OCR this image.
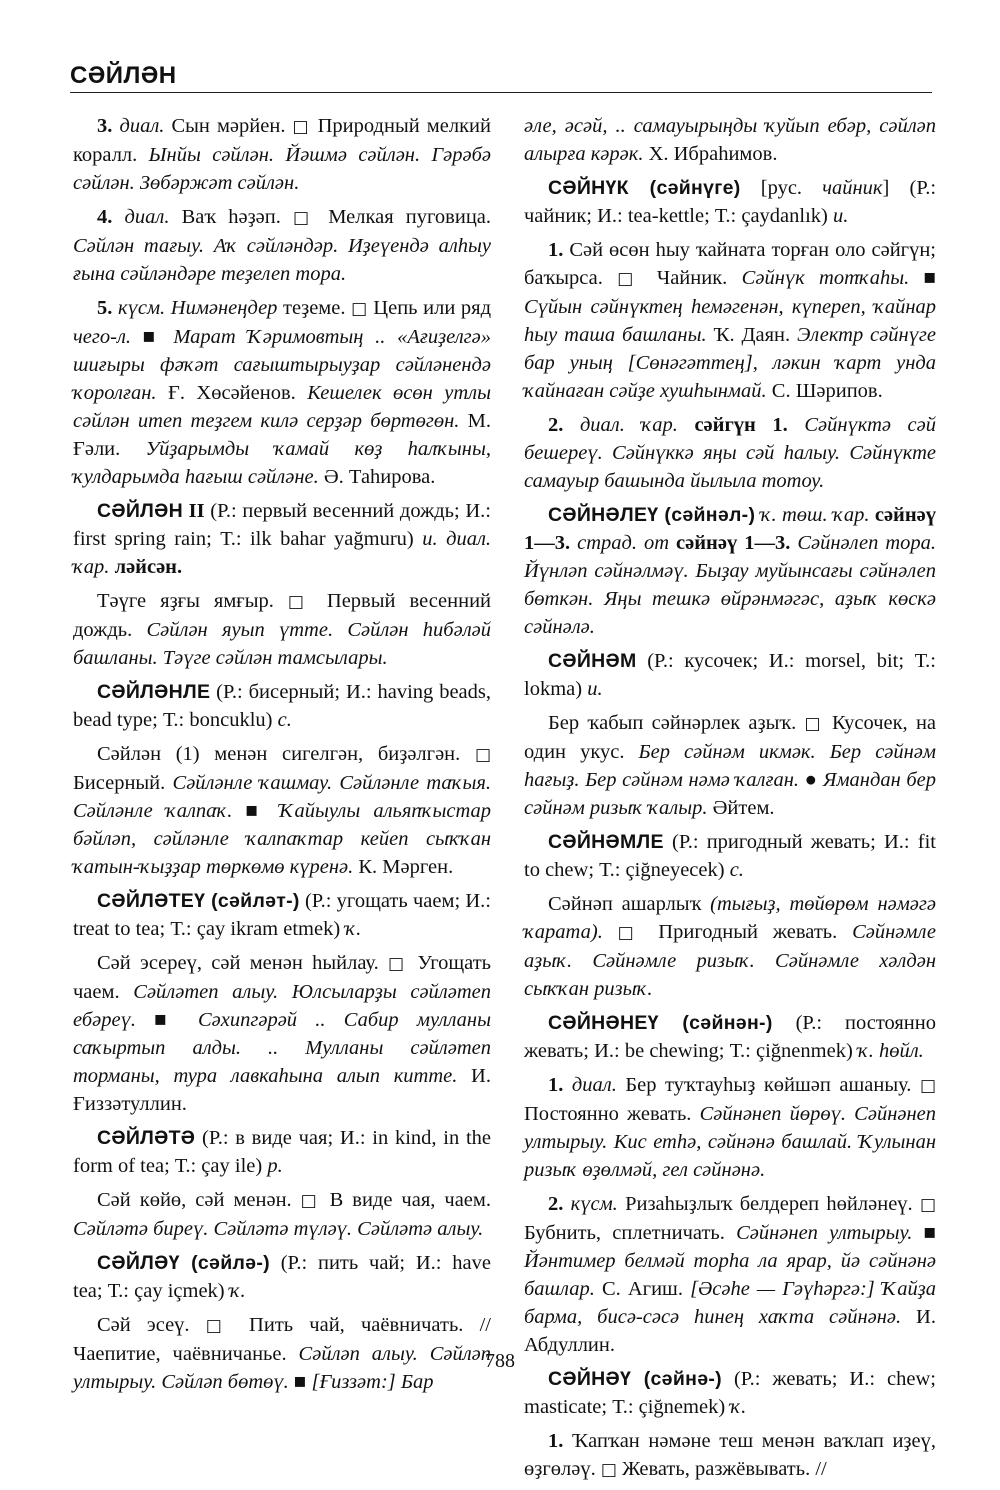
СӘЙЛӘН

3. диал. Сын мәрйен. □ Природный мелкий коралл. Ынйы сәйлән. Йәшмә сәйлән. Гәрәбә сәйлән. Зөбәржәт сәйлән.

4. диал. Ваҡ һәҙәп. □ Мелкая пуговица. Сәйлән тағыу. Аҡ сәйләндәр. Иҙеүендә алһыу ғына сәйләндәре теҙелеп тора.

5. күсм. Нимәнеңдер теҙеме. □ Цепь или ряд чего-л. ■ Марат Ҡәримовтың .. «Ағиҙелгә» шиғыры фәҡәт сағыштырыуҙар сәйләнендә ҡоролған. Ғ. Хөсәйенов. Кешелек өсөн утлы сәйлән итеп теҙгем килә серҙәр бөртөгөн. М. Ғәли. Уйҙарымды ҡамай көҙ һалҡыны, ҡулдарымда һағыш сәйләне. Ә. Таһирова.

СӘЙЛӘН II (Р.: первый весенний дождь; И.: first spring rain; Т.: ilk bahar yağmuru) и. диал. ҡар. ләйсән.

Тәүге яҙғы ямғыр. □ Первый весенний дождь. Сәйлән яуып үтте. Сәйлән һибәләй башланы. Тәүге сәйлән тамсылары.

СӘЙЛӘНЛЕ (Р.: бисерный; И.: having beads, bead type; Т.: boncuklu) с.

Сәйлән (1) менән сигелгән, биҙәлгән. □ Бисерный. Сәйләнле ҡашмау. Сәйләнле таҡыя. Сәйләнле ҡалпаҡ. ■ Ҡайыулы альяпҡыстар бәйләп, сәйләнле ҡалпаҡтар кейеп сыҡҡан ҡатын-ҡыҙҙар төркөмө күренә. К. Мәрген.

СӘЙЛӘТЕҮ (сәйләт-) (Р.: угощать чаем; И.: treat to tea; Т.: çay ikram etmek) ҡ.

Сәй эсереү, сәй менән һыйлау. □ Угощать чаем. Сәйләтеп алыу. Юлсыларҙы сәйләтеп ебәреү. ■ Сәхипгәрәй .. Сабир мулланы саҡыртып алды. .. Мулланы сәйләтеп торманы, тура лавкаһына алып китте. И. Ғиззәтуллин.

СӘЙЛӘТӘ (Р.: в виде чая; И.: in kind, in the form of tea; Т.: çay ile) р.

Сәй көйө, сәй менән. □ В виде чая, чаем. Сәйләтә биреү. Сәйләтә түләү. Сәйләтә алыу.

СӘЙЛӘҮ (сәйлә-) (Р.: пить чай; И.: have tea; Т.: çay içmek) ҡ.

Сәй эсеү. □ Пить чай, чаёвничать. // Чаепитие, чаёвничанье. Сәйләп алыу. Сәйләп ултырыу. Сәйләп бөтөү. ■ [Ғиззәт:] Бар

әле, әсәй, .. самауырыңды ҡуйып ебәр, сәйләп алырға кәрәк. Х. Ибраһимов.

СӘЙНҮК (сәйнүге) [рус. чайник] (Р.: чайник; И.: tea-kettle; Т.: çaydanlık) и.

1. Сәй өсөн һыу ҡайната торған оло сәйгүн; баҡырса. □ Чайник. Сәйнүк тотҡаһы. ■ Сүйын сәйнүктең һемәгенән, күпереп, ҡайнар һыу таша башланы. Ҡ. Даян. Электр сәйнүге бар уның [Сөнәгәттең], ләкин ҡарт унда ҡайнаған сәйҙе хушһынмай. С. Шәрипов.

2. диал. ҡар. сәйгүн 1. Сәйнүктә сәй бешереү. Сәйнүккә яңы сәй һалыу. Сәйнүкте самауыр башында йылыла тотоу.

СӘЙНӘЛЕҮ (сәйнәл-) ҡ. төш. ҡар. сәйнәү 1—3. страд. от сәйнәү 1—3. Сәйнәлеп тора. Йүнләп сәйнәлмәү. Быҙау муйынсағы сәйнәлеп бөткән. Яңы тешкә өйрәнмәгәс, аҙыҡ көскә сәйнәлә.

СӘЙНӘМ (Р.: кусочек; И.: morsel, bit; Т.: lokma) и.

Бер ҡабып сәйнәрлек аҙыҡ. □ Кусочек, на один укус. Бер сәйнәм икмәк. Бер сәйнәм һағыҙ. Бер сәйнәм нәмә ҡалған. ● Ямандан бер сәйнәм ризыҡ ҡалыр. Әйтем.

СӘЙНӘМЛЕ (Р.: пригодный жевать; И.: fit to chew; Т.: çiğneyecek) с.

Сәйнәп ашарлыҡ (тығыҙ, төйөрөм нәмәгә ҡарата). □ Пригодный жевать. Сәйнәмле аҙыҡ. Сәйнәмле ризыҡ. Сәйнәмле хәлдән сыҡҡан ризыҡ.

СӘЙНӘНЕҮ (сәйнән-) (Р.: постоянно жевать; И.: be chewing; Т.: çiğnenmek) ҡ. һөйл.

1. диал. Бер туҡтауһыҙ көйшәп ашаныу. □ Постоянно жевать. Сәйнәнеп йөрөү. Сәйнәнеп ултырыу. Кис етһә, сәйнәнә башлай. Ҡулынан ризыҡ өҙөлмәй, гел сәйнәнә.

2. күсм. Ризаһыҙлыҡ белдереп һөйләнеү. □ Бубнить, сплетничать. Сәйнәнеп ултырыу. ■ Йәнтимер белмәй торһа ла ярар, йә сәйнәнә башлар. С. Агиш. [Әсәһе — Гәүһәргә:] Ҡайҙа барма, бисә-сәсә һинең хаҡта сәйнәнә. И. Абдуллин.

СӘЙНӘҮ (сәйнә-) (Р.: жевать; И.: chew; masticate; Т.: çiğnemek) ҡ.

1. Ҡапҡан нәмәне теш менән ваҡлап иҙеү, өҙгөләү. □ Жевать, разжёвывать. //

788
